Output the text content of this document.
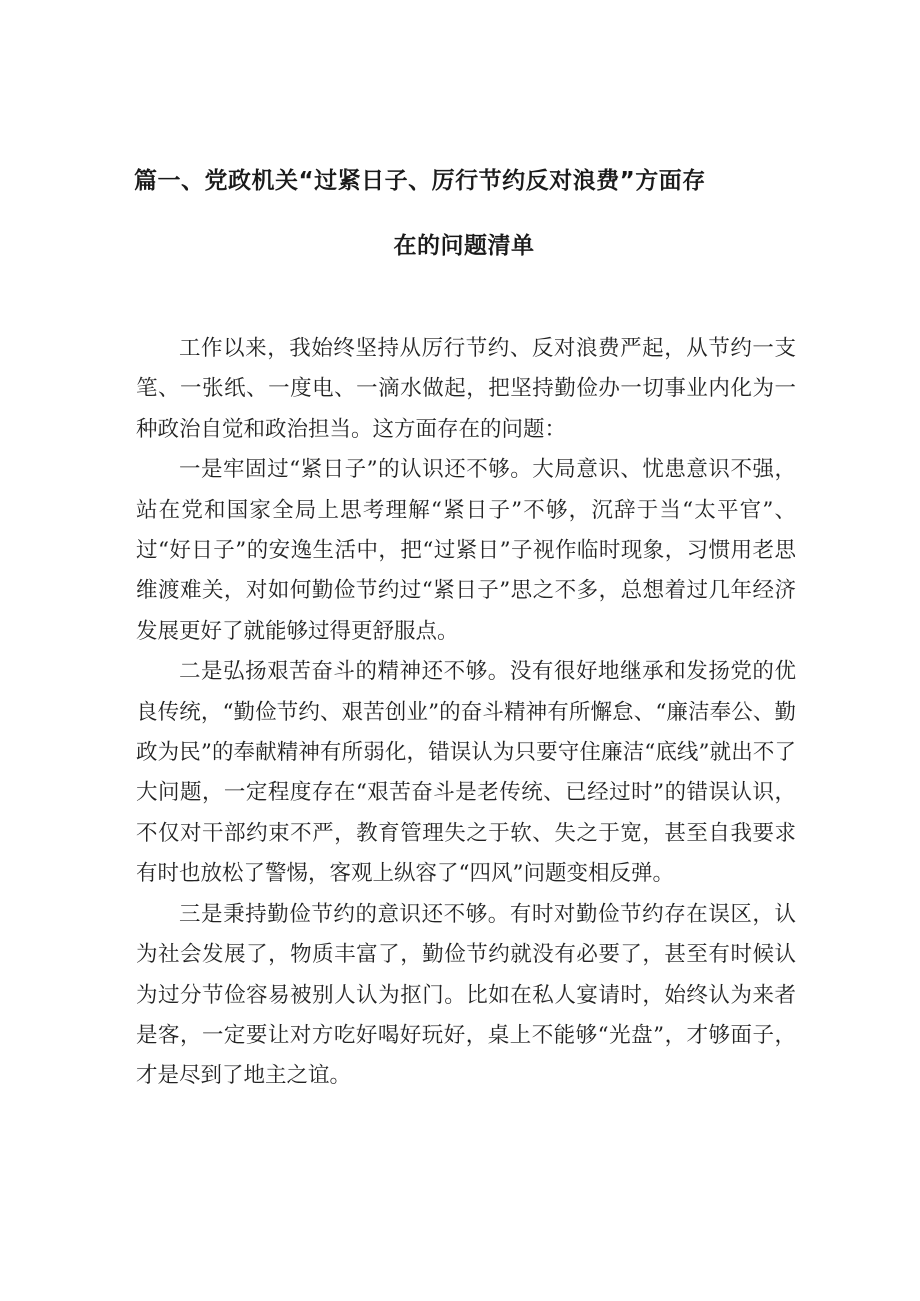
篇一、党政机关“过紧日子、厉行节约反对浪费”方面存
在的问题清单

工作以来，我始终坚持从厉行节约、反对浪费严起，从节约一支笔、一张纸、一度电、一滴水做起，把坚持勤俭办一切事业内化为一种政治自觉和政治担当。这方面存在的问题：

一是牢固过“紧日子”的认识还不够。大局意识、忧患意识不强，站在党和国家全局上思考理解“紧日子”不够，沉辞于当“太平官”、过“好日子”的安逸生活中，把“过紧日”子视作临时现象，习惯用老思维渡难关，对如何勤俭节约过“紧日子”思之不多，总想着过几年经济发展更好了就能够过得更舒服点。

二是弘扬艰苦奋斗的精神还不够。没有很好地继承和发扬党的优良传统，“勤俭节约、艰苦创业”的奋斗精神有所懈怠、“廉洁奉公、勤政为民”的奉献精神有所弱化，错误认为只要守住廉洁“底线”就出不了大问题，一定程度存在“艰苦奋斗是老传统、已经过时”的错误认识，不仅对干部约束不严，教育管理失之于软、失之于宽，甚至自我要求有时也放松了警惕，客观上纵容了“四风”问题变相反弹。

三是秉持勤俭节约的意识还不够。有时对勤俭节约存在误区，认为社会发展了，物质丰富了，勤俭节约就没有必要了，甚至有时候认为过分节俭容易被别人认为抠门。比如在私人宴请时，始终认为来者是客，一定要让对方吃好喝好玩好，桌上不能够“光盘”，才够面子，才是尽到了地主之谊。
